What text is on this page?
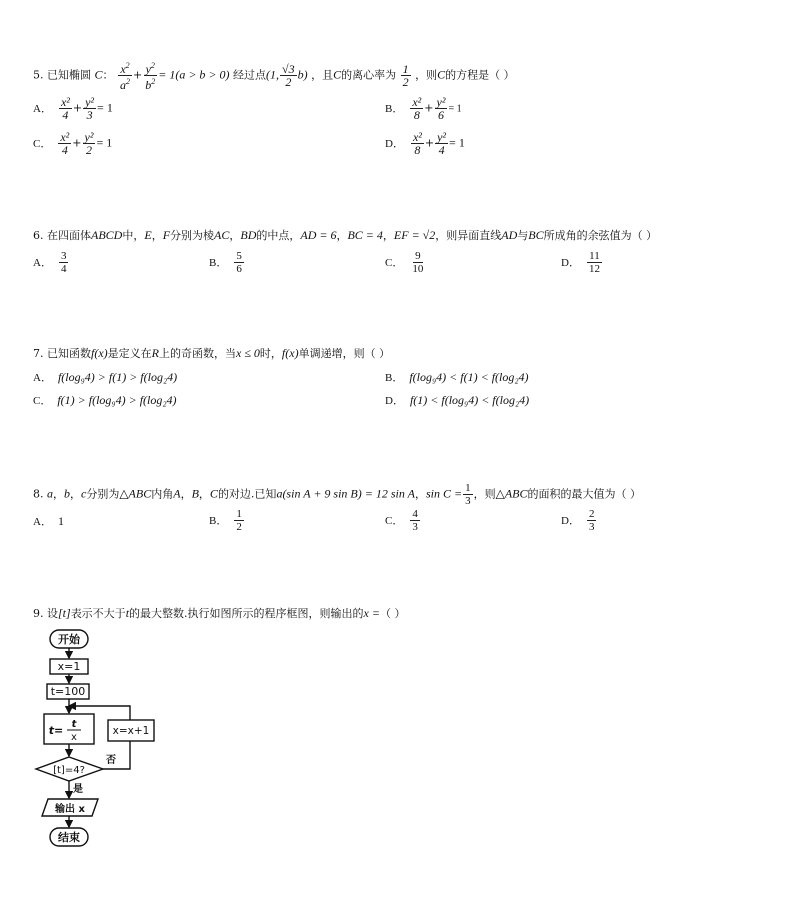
5. 已知椭圆 C： $\frac{x^2}{a^2} + \frac{y^2}{b^2} = 1(a > b > 0)$ 经过点(1, $\frac{√3}{2} b$) ，且C的离心率为 $\frac{1}{2}$ ，则C的方程是（ ）
A． $\frac{\text{x²}}{4} + \frac{\text{y²}}{3} = 1$	B． $\frac{\text{x²}}{8} + \frac{\text{y²}}{6} = 1$
C． $\frac{\text{x²}}{4} + \frac{\text{y²}}{2} = 1$	D． $\frac{\text{x²}}{8} + \frac{\text{y²}}{4} = 1$
6. 在四面体ABCD中，E，F分别为棱AC，BD的中点，AD = 6，BC = 4，EF = √2，则异面直线AD与BC所成角的余弦值为（ ）
A． $\frac{3}{4}$	B． $\frac{5}{6}$	C． $\frac{9}{10}$	D． $\frac{11}{12}$
7. 已知函数f(x)是定义在R上的奇函数，当x ≤ 0时，f(x)单调递增，则（ ）
A． f(log₉4) > f(1) > f(log₂4)	B． f(log₉4) < f(1) < f(log₂4)
C． f(1) > f(log₉4) > f(log₂4)	D． f(1) < f(log₉4) < f(log₂4)
8. a，b，c分别为△ABC内角A，B，C的对边.已知a(sin A + 9 sin B) = 12 sin A，$\sin C = \frac{1}{3}$ ，则△ABC的面积的最大值为（ ）
A． 1	B． $\frac{1}{2}$	C． $\frac{4}{3}$	D． $\frac{2}{3}$
9. 设[t]表示不大于t的最大整数.执行如图所示的程序框图，则输出的x =（ ）
开始
x=1
t=100
t= t
x
x=x+1
[t]=4?
否
是
输出 x
结束
